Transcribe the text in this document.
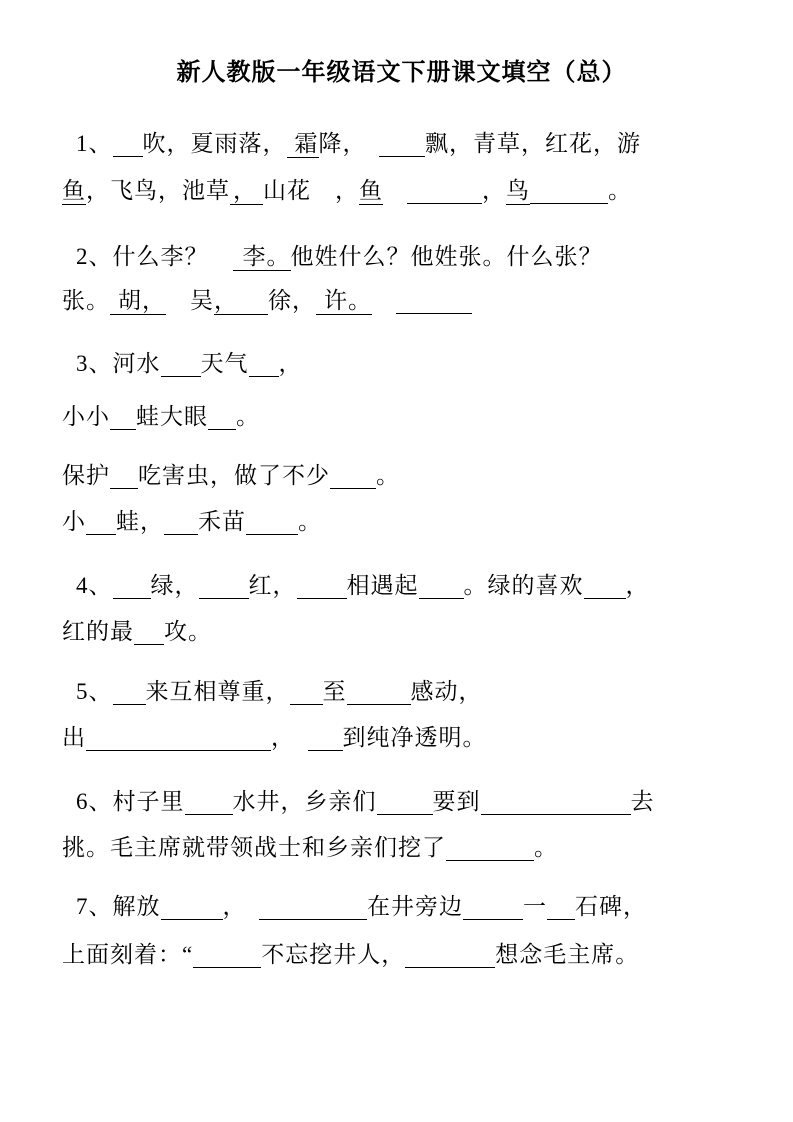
新人教版一年级语文下册课文填空（总）
1、 吹，夏雨落， 霜降，　飘，青草，红花，游
鱼，飞鸟，池草 ， 山花　，鱼　	，鸟	。
2、什么李？　李。他姓什么？他姓张。什么张？
张。 胡，　吴， 徐， 许。　
3、河水 天气 ，
小小 蛙大眼 。
保护 吃害虫，做了不少 。
小 蛙， 禾苗 。
4、 绿， 红， 相遇起 。绿的喜欢 ，
红的最 攻。
5、 来互相尊重， 至	感动，
出	，　到纯净透明。
6、村子里 水井，乡亲们 要到	去
挑。毛主席就带领战士和乡亲们挖了	。
7、解放	，　	在井旁边	一 石碑，
上面刻着：“	不忘挖井人，	想念毛主席。
